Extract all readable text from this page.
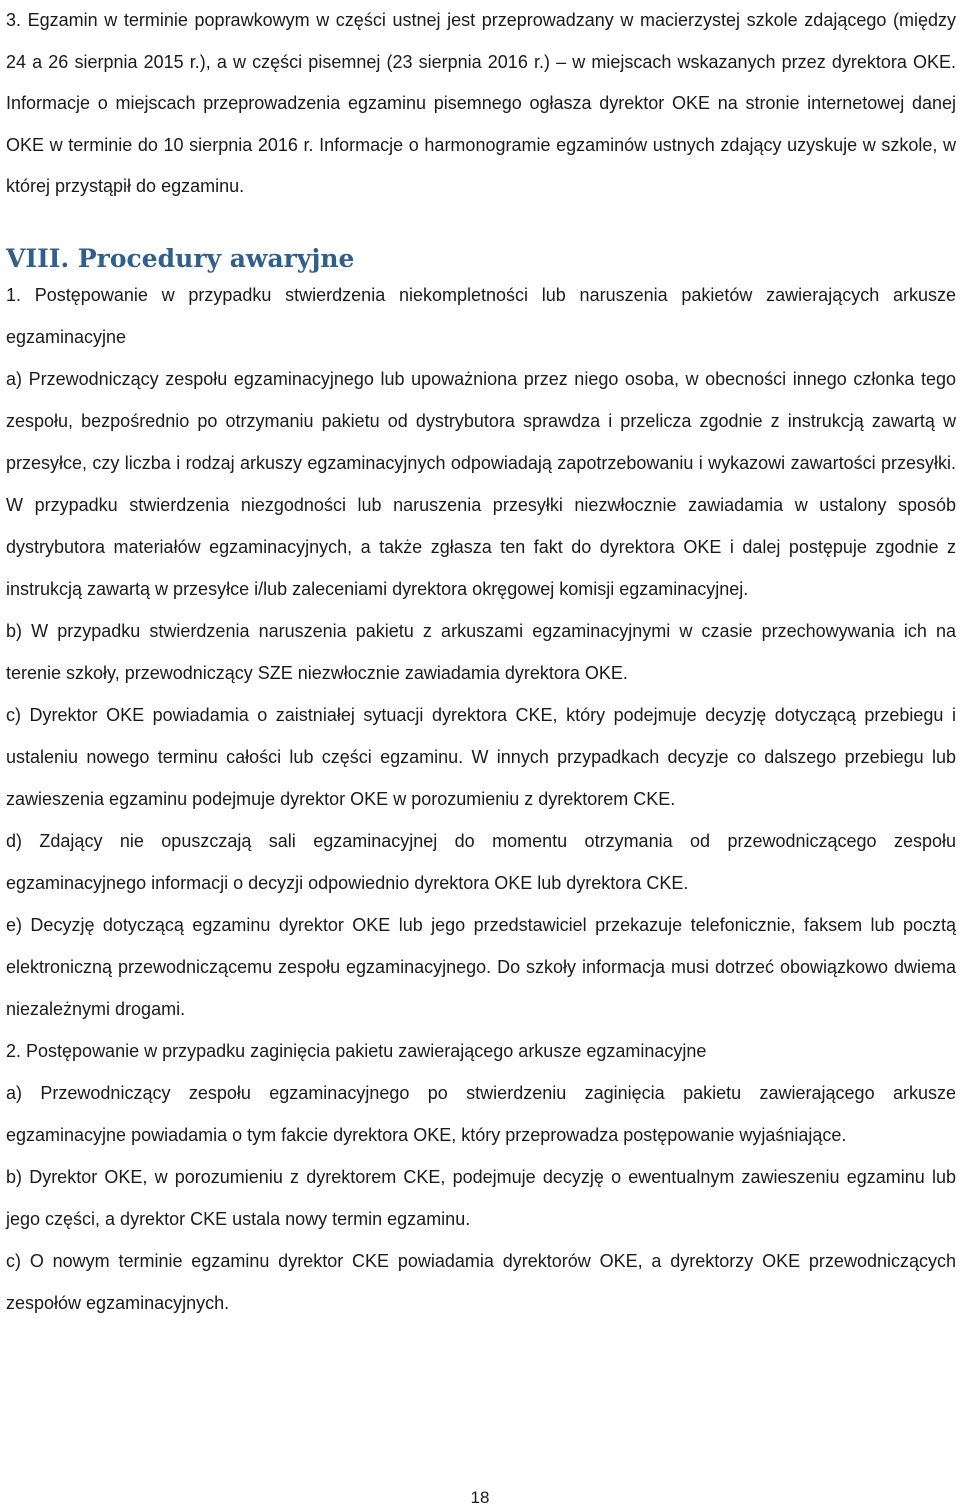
3. Egzamin w terminie poprawkowym w części ustnej jest przeprowadzany w macierzystej szkole zdającego (między 24 a 26 sierpnia 2015 r.), a w części pisemnej (23 sierpnia 2016 r.) – w miejscach wskazanych przez dyrektora OKE. Informacje o miejscach przeprowadzenia egzaminu pisemnego ogłasza dyrektor OKE na stronie internetowej danej OKE w terminie do 10 sierpnia 2016 r. Informacje o harmonogramie egzaminów ustnych zdający uzyskuje w szkole, w której przystąpił do egzaminu.

VIII. Procedury awaryjne

1. Postępowanie w przypadku stwierdzenia niekompletności lub naruszenia pakietów zawierających arkusze egzaminacyjne

a) Przewodniczący zespołu egzaminacyjnego lub upoważniona przez niego osoba, w obecności innego członka tego zespołu, bezpośrednio po otrzymaniu pakietu od dystrybutora sprawdza i przelicza zgodnie z instrukcją zawartą w przesyłce, czy liczba i rodzaj arkuszy egzaminacyjnych odpowiadają zapotrzebowaniu i wykazowi zawartości przesyłki. W przypadku stwierdzenia niezgodności lub naruszenia przesyłki niezwłocznie zawiadamia w ustalony sposób dystrybutora materiałów egzaminacyjnych, a także zgłasza ten fakt do dyrektora OKE i dalej postępuje zgodnie z instrukcją zawartą w przesyłce i/lub zaleceniami dyrektora okręgowej komisji egzaminacyjnej.

b) W przypadku stwierdzenia naruszenia pakietu z arkuszami egzaminacyjnymi w czasie przechowywania ich na terenie szkoły, przewodniczący SZE niezwłocznie zawiadamia dyrektora OKE.

c) Dyrektor OKE powiadamia o zaistniałej sytuacji dyrektora CKE, który podejmuje decyzję dotyczącą przebiegu i ustaleniu nowego terminu całości lub części egzaminu. W innych przypadkach decyzje co dalszego przebiegu lub zawieszenia egzaminu podejmuje dyrektor OKE w porozumieniu z dyrektorem CKE.

d) Zdający nie opuszczają sali egzaminacyjnej do momentu otrzymania od przewodniczącego zespołu egzaminacyjnego informacji o decyzji odpowiednio dyrektora OKE lub dyrektora CKE.

e) Decyzję dotyczącą egzaminu dyrektor OKE lub jego przedstawiciel przekazuje telefonicznie, faksem lub pocztą elektroniczną przewodniczącemu zespołu egzaminacyjnego. Do szkoły informacja musi dotrzeć obowiązkowo dwiema niezależnymi drogami.

2. Postępowanie w przypadku zaginięcia pakietu zawierającego arkusze egzaminacyjne

a) Przewodniczący zespołu egzaminacyjnego po stwierdzeniu zaginięcia pakietu zawierającego arkusze egzaminacyjne powiadamia o tym fakcie dyrektora OKE, który przeprowadza postępowanie wyjaśniające.

b) Dyrektor OKE, w porozumieniu z dyrektorem CKE, podejmuje decyzję o ewentualnym zawieszeniu egzaminu lub jego części, a dyrektor CKE ustala nowy termin egzaminu.

c) O nowym terminie egzaminu dyrektor CKE powiadamia dyrektorów OKE, a dyrektorzy OKE przewodniczących zespołów egzaminacyjnych.

18
